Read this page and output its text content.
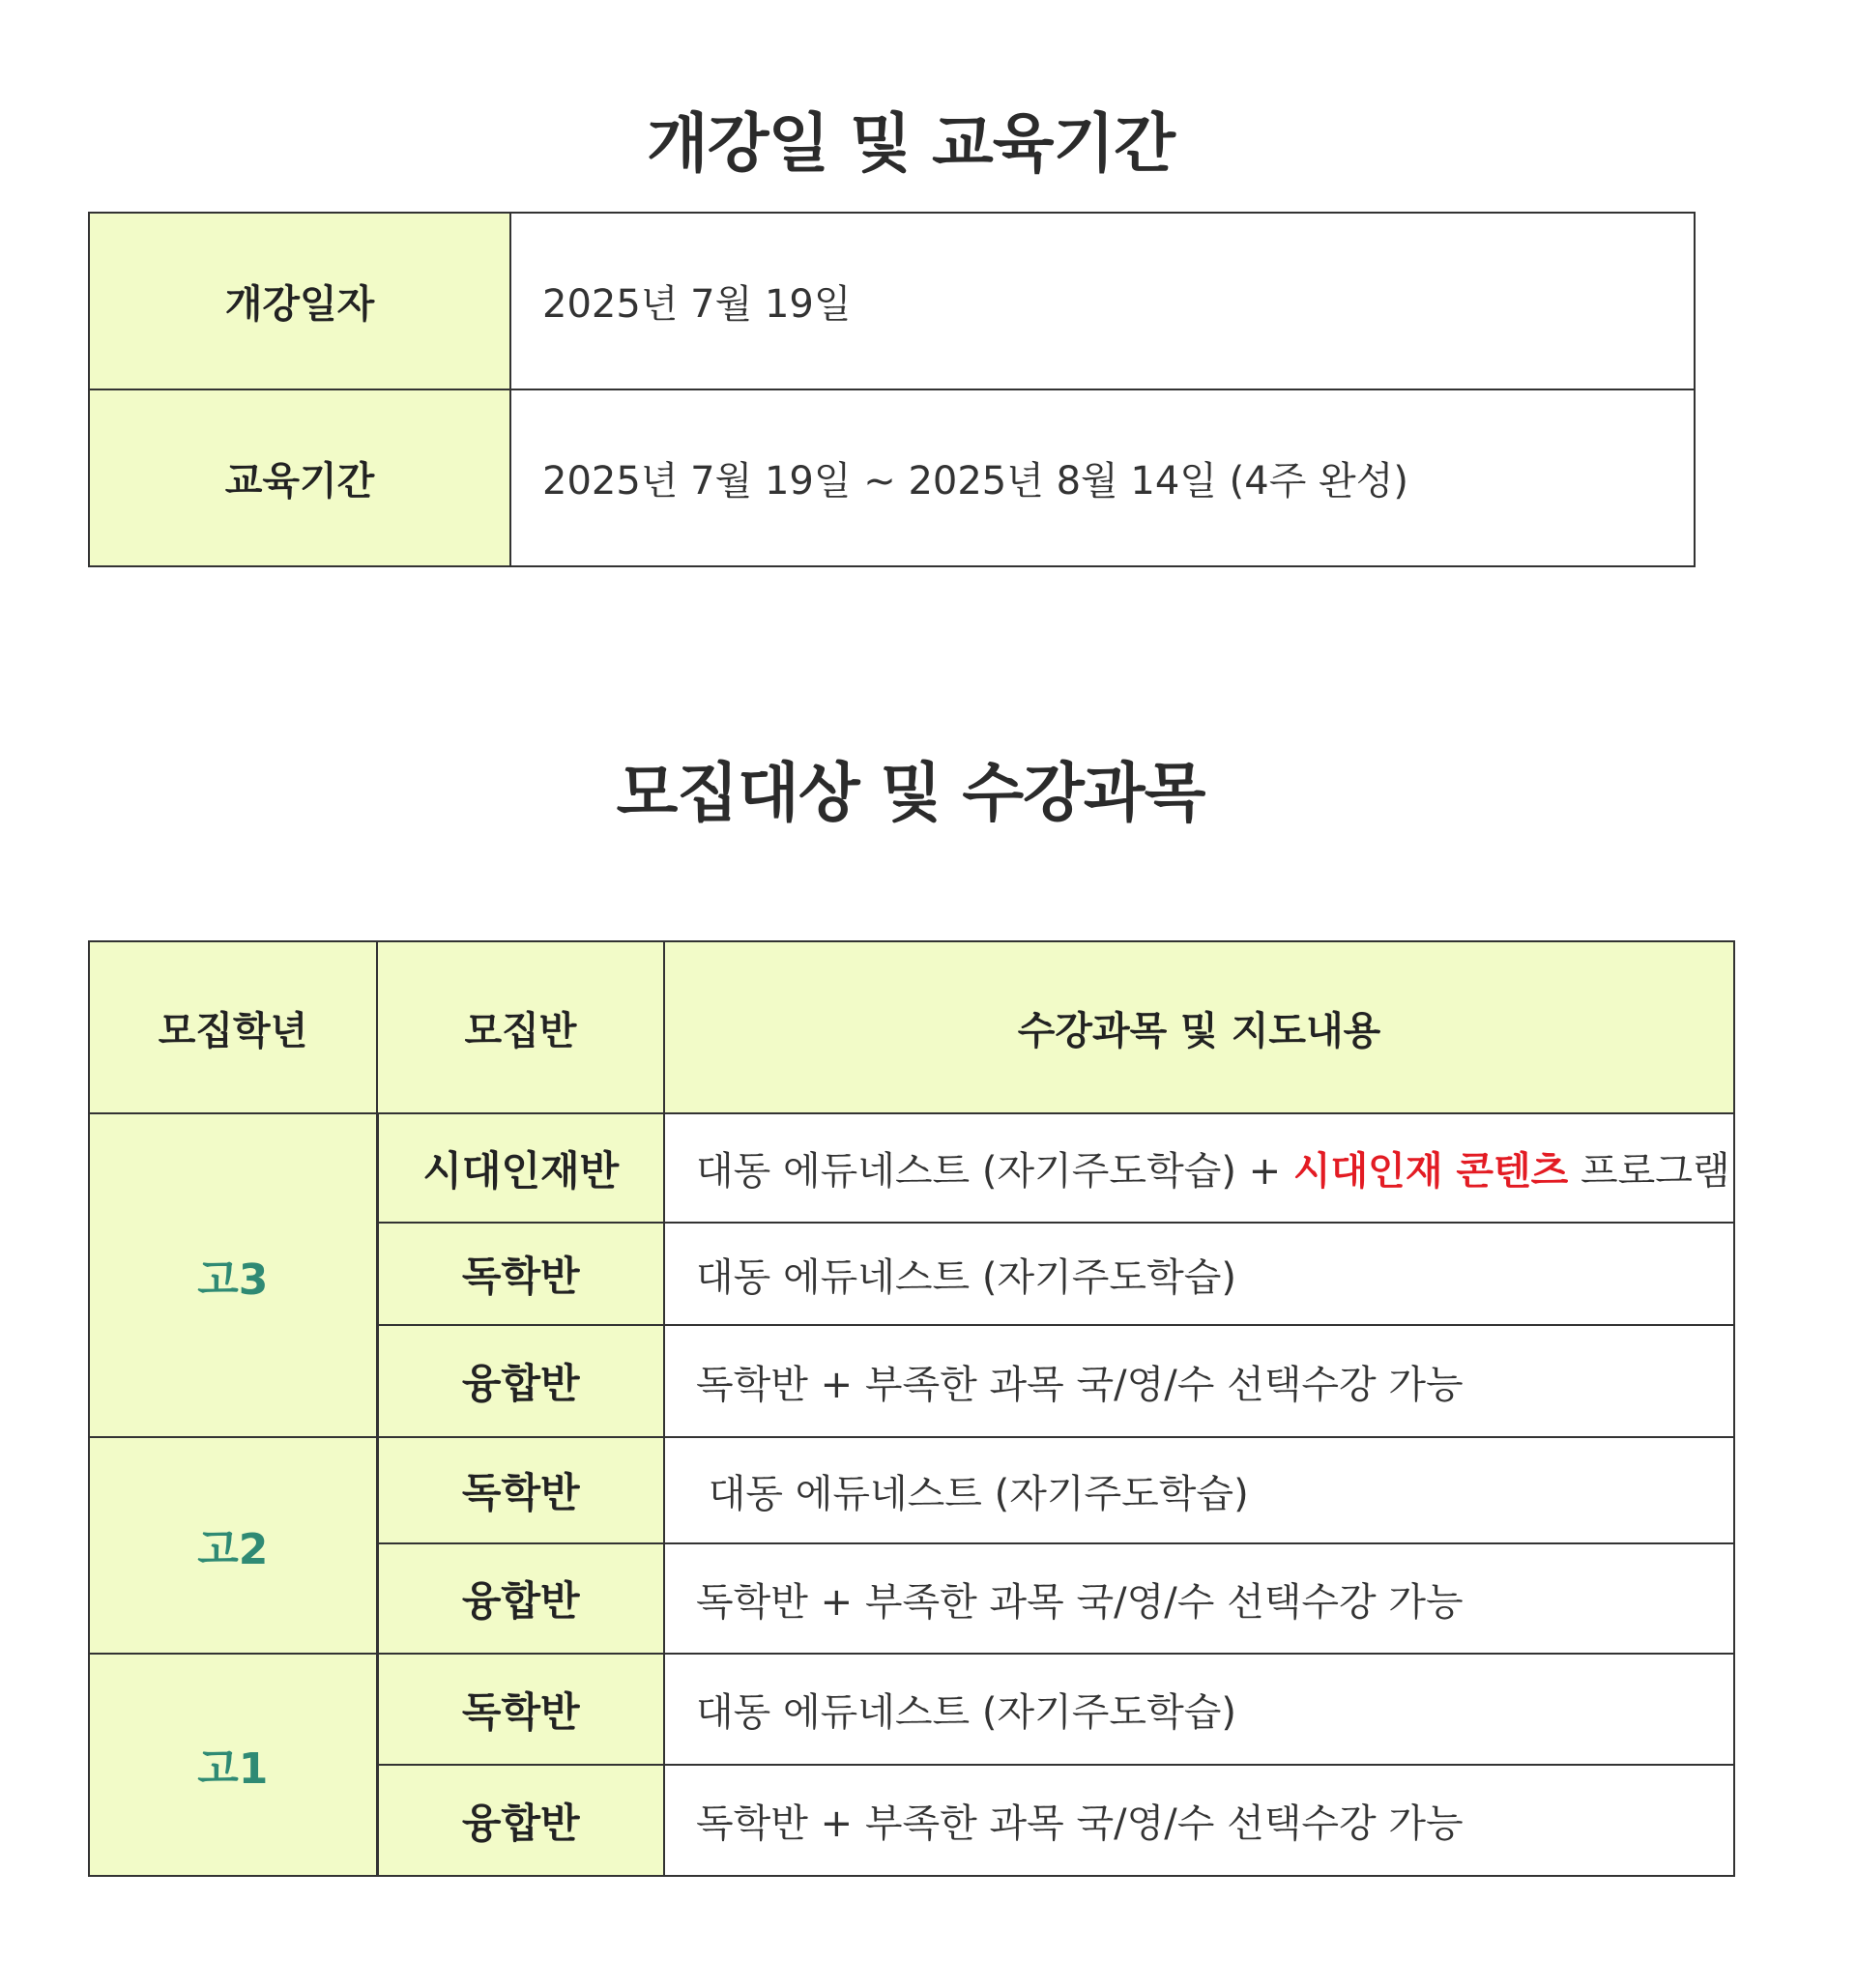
개강일 및 교육기간
개강일자	2025년 7월 19일
교육기간	2025년 7월 19일 ~ 2025년 8월 14일 (4주 완성)
모집대상 및 수강과목
모집학년	모집반	수강과목 및 지도내용
고3	시대인재반	대동 에듀네스트 (자기주도학습) + 시대인재 콘텐츠 프로그램
	독학반	대동 에듀네스트 (자기주도학습)
	융합반	독학반 + 부족한 과목 국/영/수 선택수강 가능
고2	독학반	대동 에듀네스트 (자기주도학습)
	융합반	독학반 + 부족한 과목 국/영/수 선택수강 가능
고1	독학반	대동 에듀네스트 (자기주도학습)
	융합반	독학반 + 부족한 과목 국/영/수 선택수강 가능
